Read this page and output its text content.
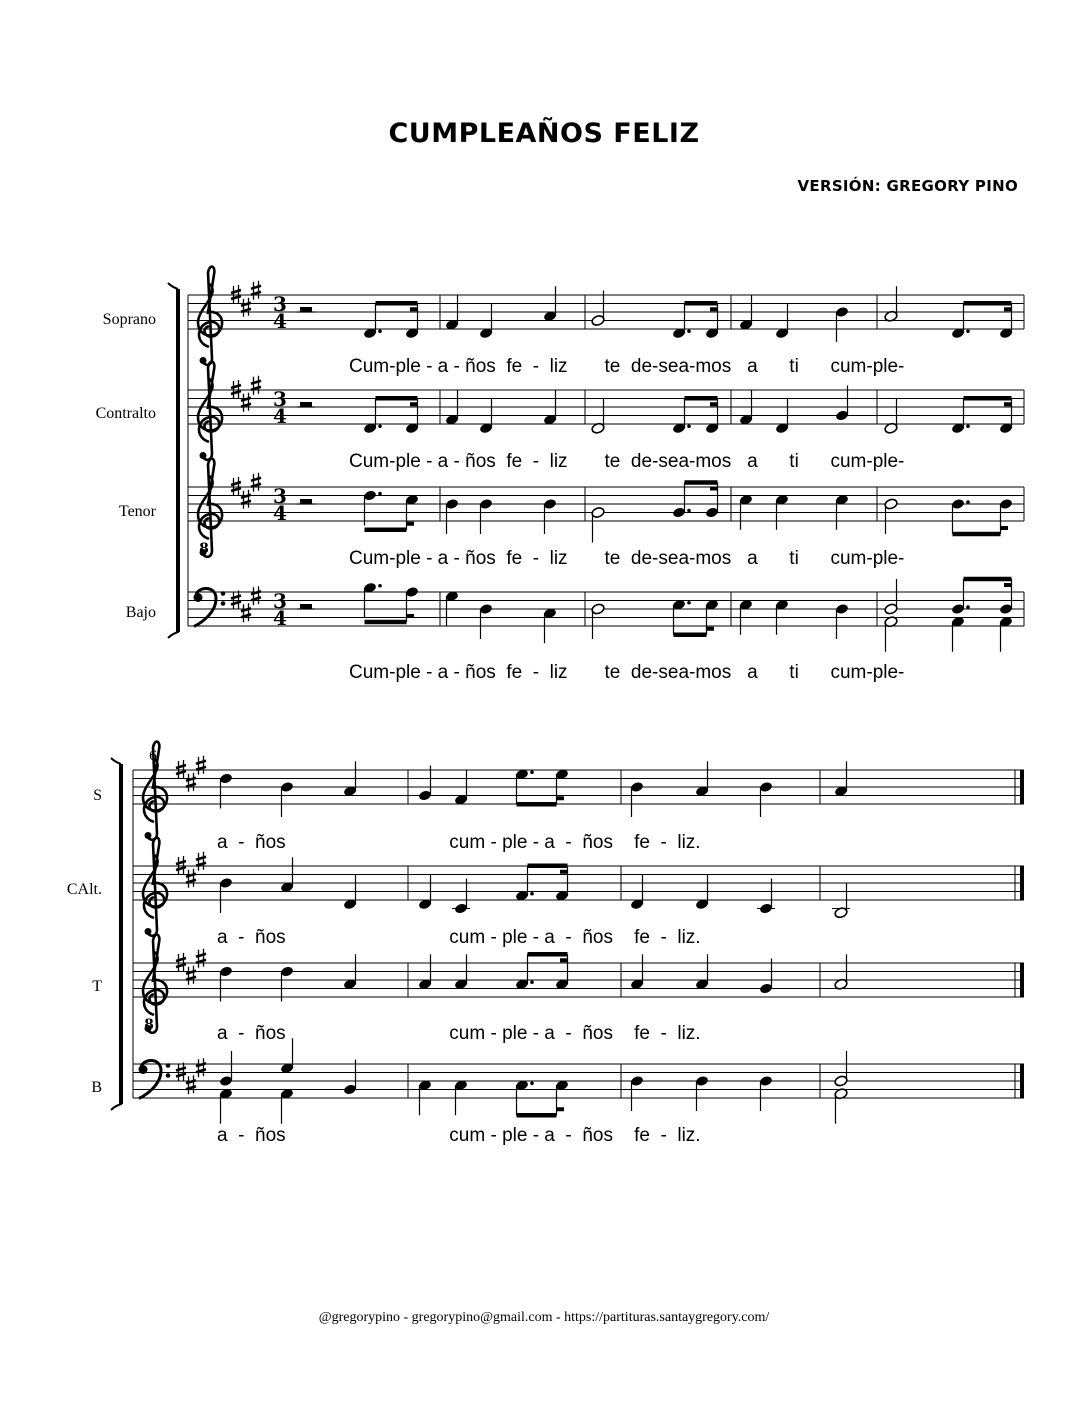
CUMPLEAÑOS FELIZ
VERSIÓN: GREGORY PINO
Soprano
Contralto
Tenor
Bajo
S
CAlt.
T
B
Cum-ple - a - ños  fe  -  liz       te  de-sea-mos   a      ti      cum-ple-
Cum-ple - a - ños  fe  -  liz       te  de-sea-mos   a      ti      cum-ple-
Cum-ple - a - ños  fe  -  liz       te  de-sea-mos   a      ti      cum-ple-
Cum-ple - a - ños  fe  -  liz       te  de-sea-mos   a      ti      cum-ple-
a  -  ños                               cum - ple - a  -  ños    fe  -  liz.
a  -  ños                               cum - ple - a  -  ños    fe  -  liz.
a  -  ños                               cum - ple - a  -  ños    fe  -  liz.
a  -  ños                               cum - ple - a  -  ños    fe  -  liz.
3
4
3
4
8
3
4
3
4
8
6
@gregorypino - gregorypino@gmail.com - https://partituras.santaygregory.com/
